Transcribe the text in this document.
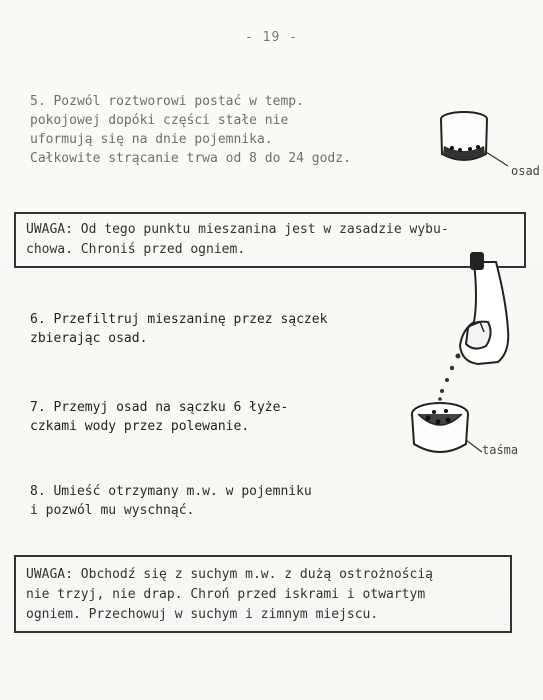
- 19 -
5. Pozwól roztworowi postać w temp.
pokojowej dopóki części stałe nie
uformują się na dnie pojemnika.
Całkowite strącanie trwa od 8 do 24 godz.
UWAGA: Od tego punktu mieszanina jest w zasadzie wybu-
chowa. Chroniś przed ogniem.
6. Przefiltruj mieszaninę przez sączek
zbierając osad.
7. Przemyj osad na sączku 6 łyże-
czkami wody przez polewanie.
8. Umieść otrzymany m.w. w pojemniku
i pozwól mu wyschnąć.
UWAGA: Obchodź się z suchym m.w. z dużą ostrożnością
nie trzyj, nie drap. Chroń przed iskrami i otwartym
ogniem. Przechowuj w suchym i zimnym miejscu.
osad
taśma
